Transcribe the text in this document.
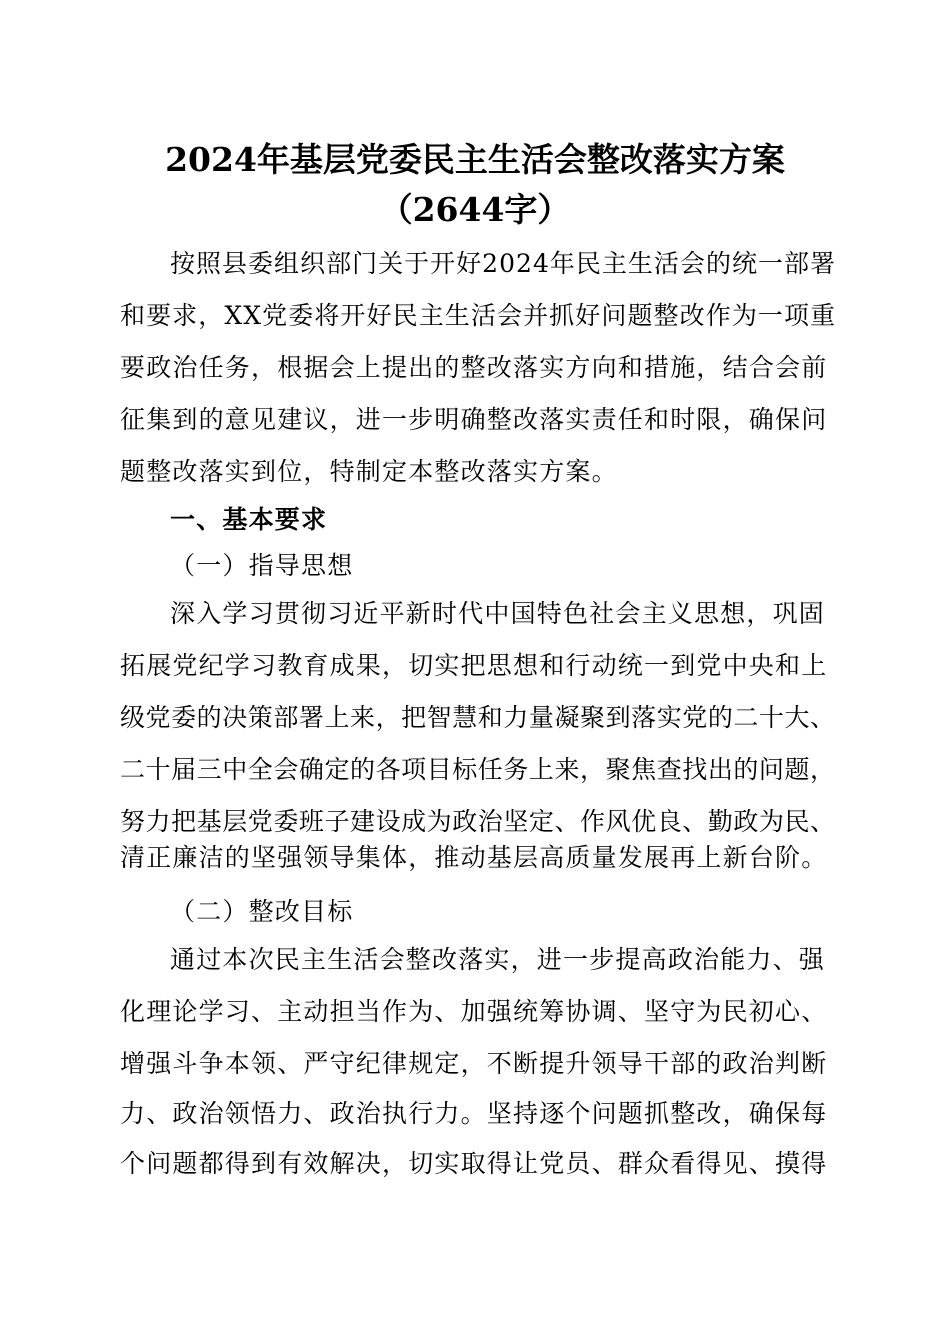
2024年基层党委民主生活会整改落实方案
（2644字）
按照县委组织部门关于开好2024年民主生活会的统一部署
和要求，XX党委将开好民主生活会并抓好问题整改作为一项重
要政治任务，根据会上提出的整改落实方向和措施，结合会前
征集到的意见建议，进一步明确整改落实责任和时限，确保问
题整改落实到位，特制定本整改落实方案。
一、基本要求
（一）指导思想
深入学习贯彻习近平新时代中国特色社会主义思想，巩固
拓展党纪学习教育成果，切实把思想和行动统一到党中央和上
级党委的决策部署上来，把智慧和力量凝聚到落实党的二十大、
二十届三中全会确定的各项目标任务上来，聚焦查找出的问题，
努力把基层党委班子建设成为政治坚定、作风优良、勤政为民、
清正廉洁的坚强领导集体，推动基层高质量发展再上新台阶。
（二）整改目标
通过本次民主生活会整改落实，进一步提高政治能力、强
化理论学习、主动担当作为、加强统筹协调、坚守为民初心、
增强斗争本领、严守纪律规定，不断提升领导干部的政治判断
力、政治领悟力、政治执行力。坚持逐个问题抓整改，确保每
个问题都得到有效解决，切实取得让党员、群众看得见、摸得
